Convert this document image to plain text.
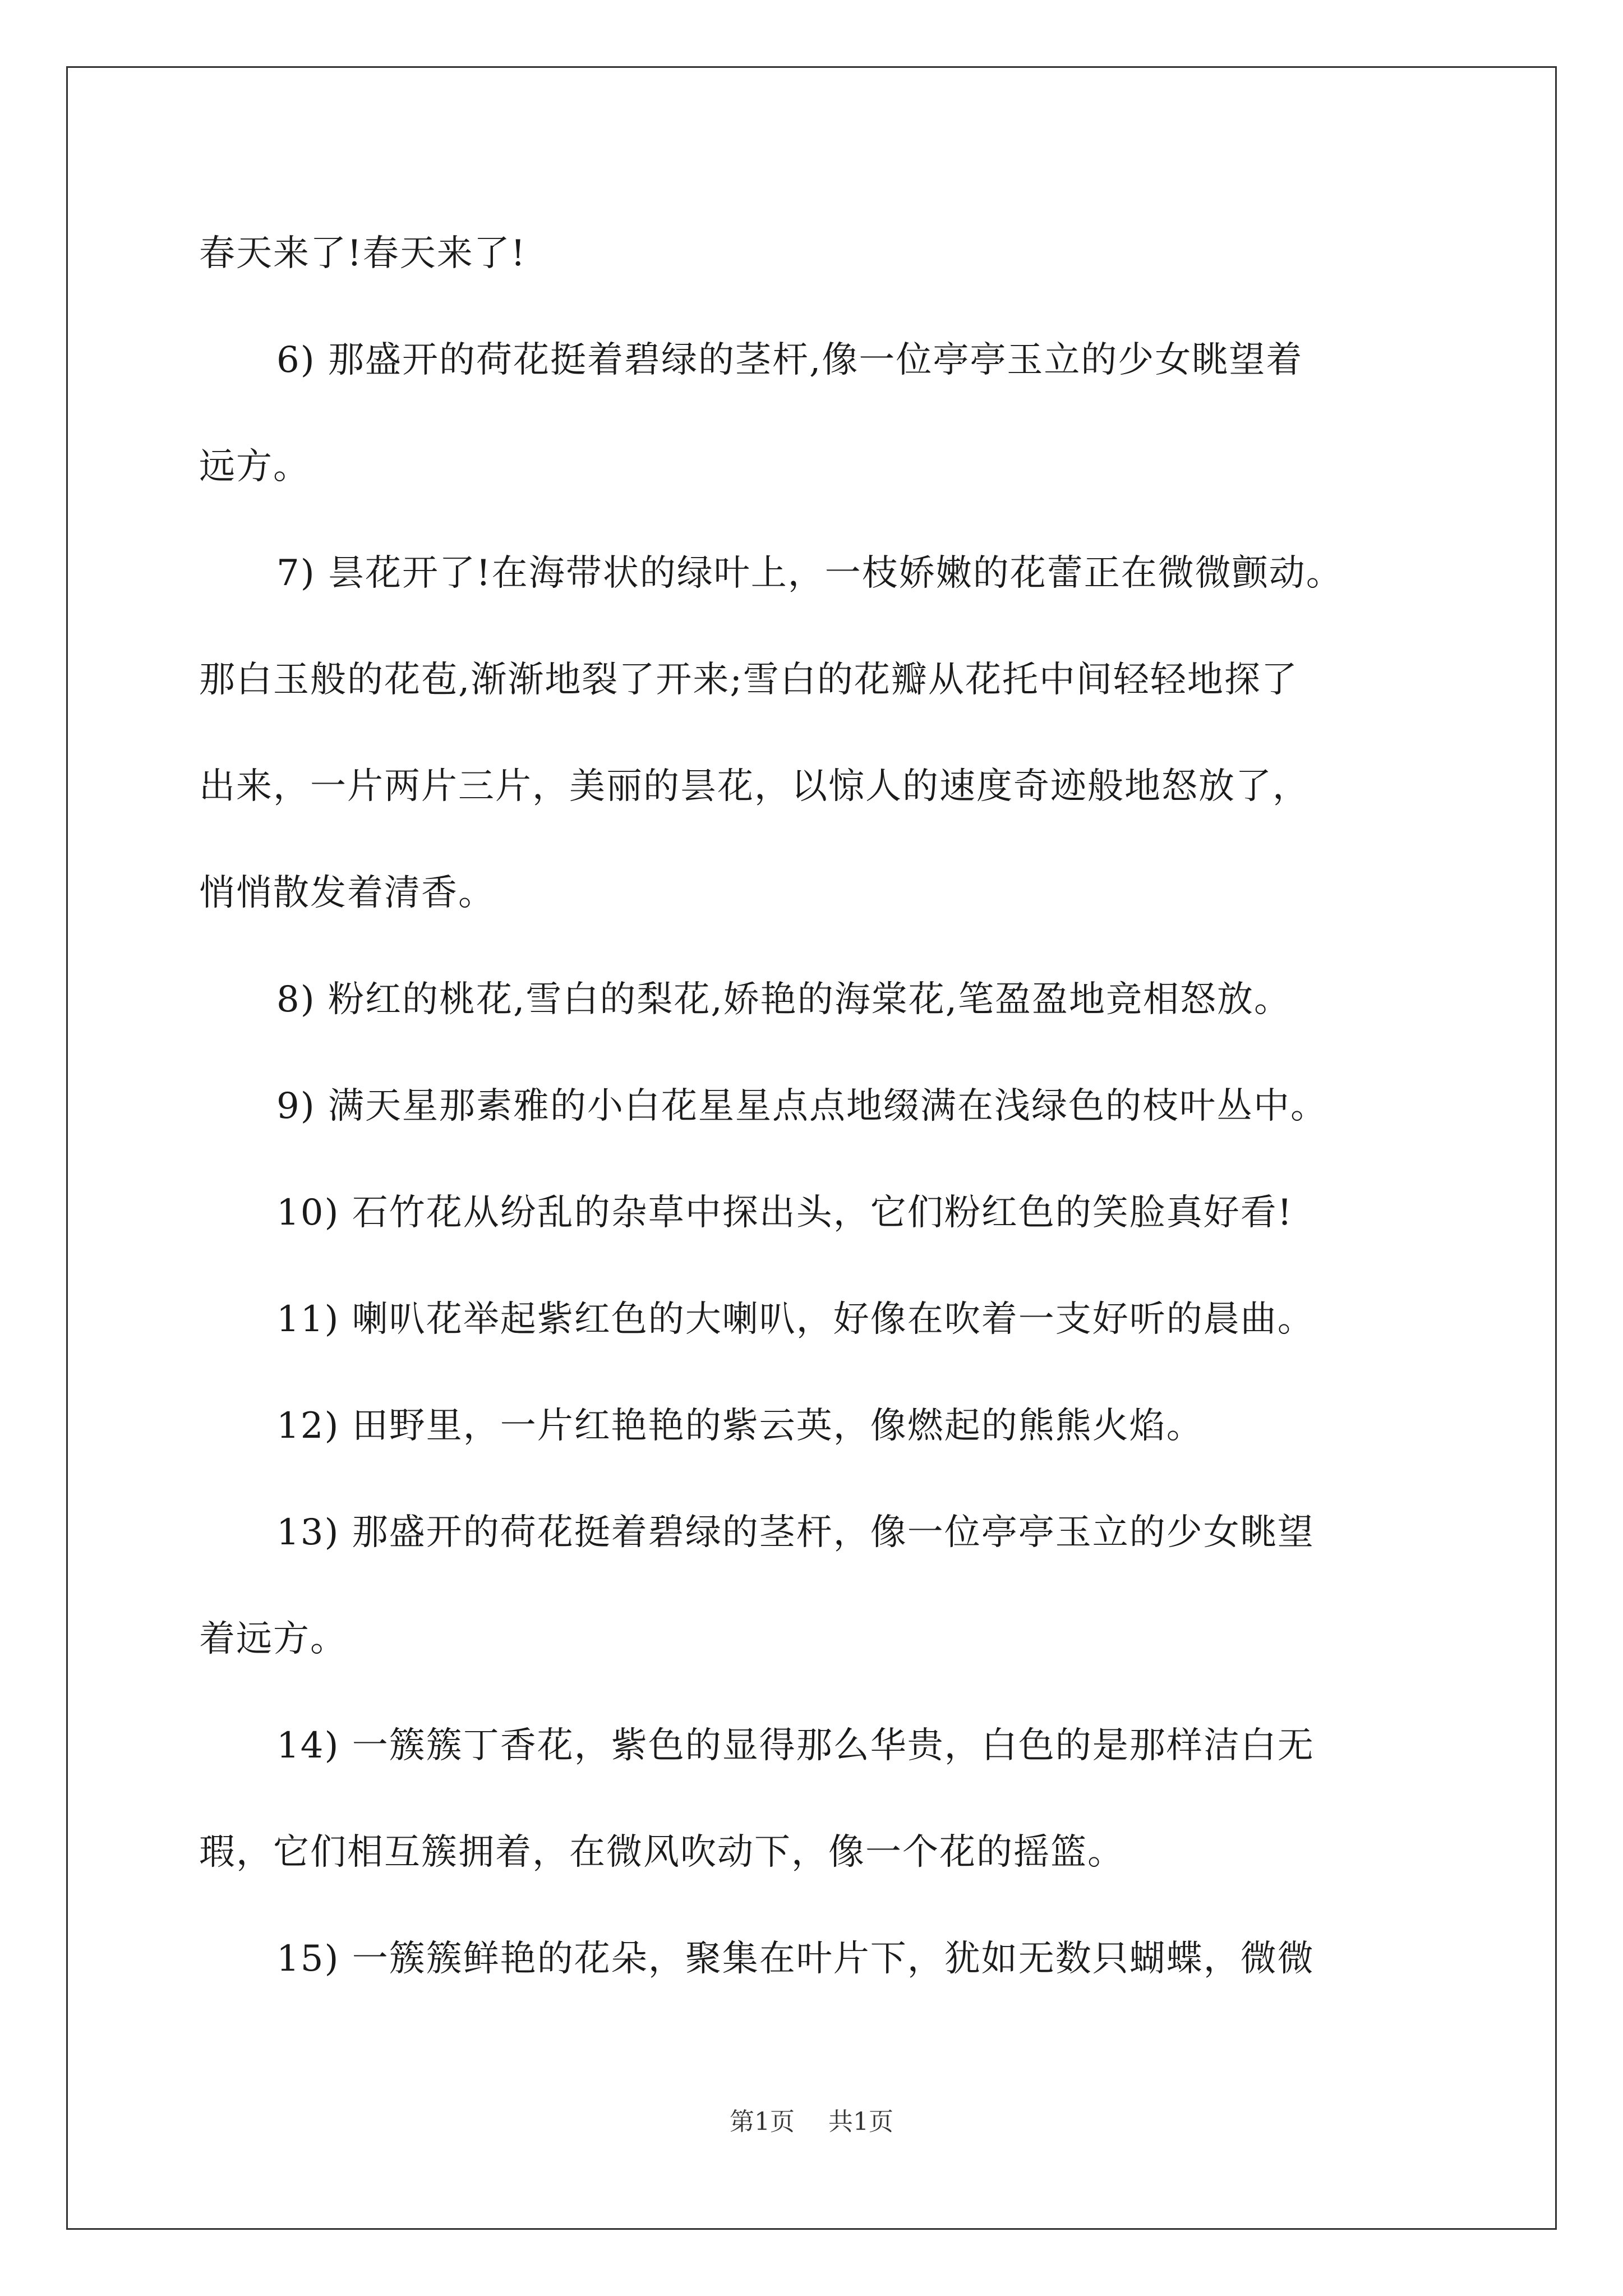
春天来了!春天来了!
6) 那盛开的荷花挺着碧绿的茎杆,像一位亭亭玉立的少女眺望着
远方。
7) 昙花开了!在海带状的绿叶上，一枝娇嫩的花蕾正在微微颤动。
那白玉般的花苞,渐渐地裂了开来;雪白的花瓣从花托中间轻轻地探了
出来，一片两片三片，美丽的昙花，以惊人的速度奇迹般地怒放了，
悄悄散发着清香。
8) 粉红的桃花,雪白的梨花,娇艳的海棠花,笔盈盈地竞相怒放。
9) 满天星那素雅的小白花星星点点地缀满在浅绿色的枝叶丛中。
10) 石竹花从纷乱的杂草中探出头，它们粉红色的笑脸真好看!
11) 喇叭花举起紫红色的大喇叭，好像在吹着一支好听的晨曲。
12) 田野里，一片红艳艳的紫云英，像燃起的熊熊火焰。
13) 那盛开的荷花挺着碧绿的茎杆，像一位亭亭玉立的少女眺望
着远方。
14) 一簇簇丁香花，紫色的显得那么华贵，白色的是那样洁白无
瑕，它们相互簇拥着，在微风吹动下，像一个花的摇篮。
15) 一簇簇鲜艳的花朵，聚集在叶片下，犹如无数只蝴蝶，微微
第1页 共1页
